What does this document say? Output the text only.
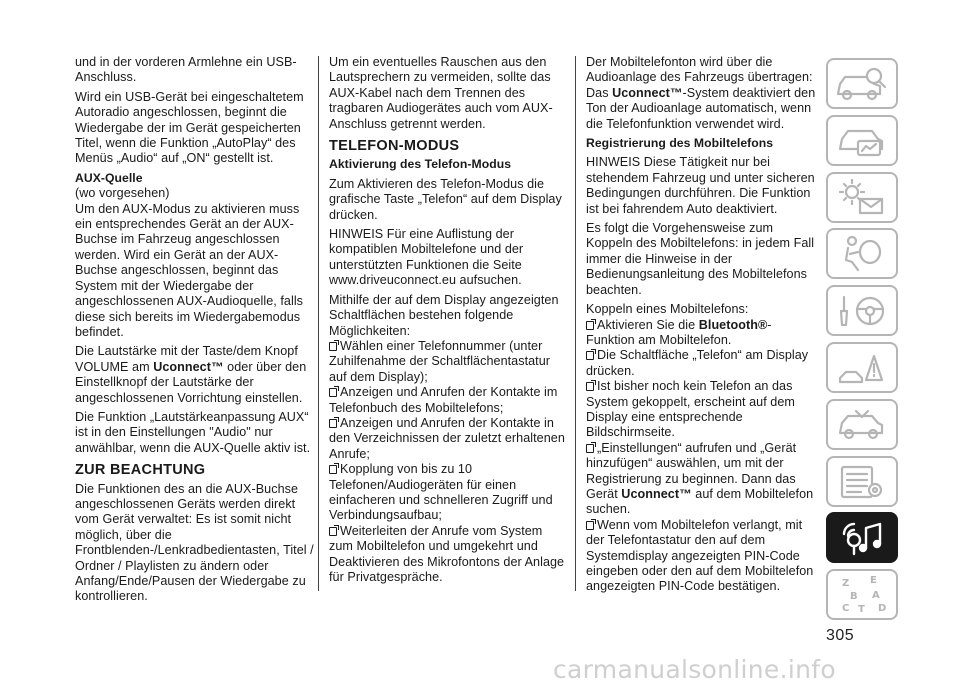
und in der vorderen Armlehne ein USB-Anschluss.

Wird ein USB-Gerät bei eingeschaltetem Autoradio angeschlossen, beginnt die Wiedergabe der im Gerät gespeicherten Titel, wenn die Funktion „AutoPlay“ des Menüs „Audio“ auf „ON“ gestellt ist.

AUX-Quelle

(wo vorgesehen)

Um den AUX-Modus zu aktivieren muss ein entsprechendes Gerät an der AUX-Buchse im Fahrzeug angeschlossen werden. Wird ein Gerät an der AUX-Buchse angeschlossen, beginnt das System mit der Wiedergabe der angeschlossenen AUX-Audioquelle, falls diese sich bereits im Wiedergabemodus befindet.

Die Lautstärke mit der Taste/dem Knopf VOLUME am Uconnect™ oder über den Einstellknopf der Lautstärke der angeschlossenen Vorrichtung einstellen.

Die Funktion „Lautstärkeanpassung AUX“ ist in den Einstellungen "Audio" nur anwählbar, wenn die AUX-Quelle aktiv ist.

ZUR BEACHTUNG

Die Funktionen des an die AUX-Buchse angeschlossenen Geräts werden direkt vom Gerät verwaltet: Es ist somit nicht möglich, über die Frontblenden-/Lenkradbedientasten, Titel / Ordner / Playlisten zu ändern oder Anfang/Ende/Pausen der Wiedergabe zu kontrollieren.

Um ein eventuelles Rauschen aus den Lautsprechern zu vermeiden, sollte das AUX-Kabel nach dem Trennen des tragbaren Audiogerätes auch vom AUX-Anschluss getrennt werden.

TELEFON-MODUS
Aktivierung des Telefon-Modus

Zum Aktivieren des Telefon-Modus die grafische Taste „Telefon“ auf dem Display drücken.

HINWEIS Für eine Auflistung der kompatiblen Mobiltelefone und der unterstützten Funktionen die Seite www.driveuconnect.eu aufsuchen.

Mithilfe der auf dem Display angezeigten Schaltflächen bestehen folgende Möglichkeiten:

Wählen einer Telefonnummer (unter Zuhilfenahme der Schaltflächentastatur auf dem Display);
Anzeigen und Anrufen der Kontakte im Telefonbuch des Mobiltelefons;
Anzeigen und Anrufen der Kontakte in den Verzeichnissen der zuletzt erhaltenen Anrufe;
Kopplung von bis zu 10 Telefonen/Audiogeräten für einen einfacheren und schnelleren Zugriff und Verbindungsaufbau;
Weiterleiten der Anrufe vom System zum Mobiltelefon und umgekehrt und Deaktivieren des Mikrofontons der Anlage für Privatgespräche.

Der Mobiltelefonton wird über die Audioanlage des Fahrzeugs übertragen: Das Uconnect™-System deaktiviert den Ton der Audioanlage automatisch, wenn die Telefonfunktion verwendet wird.

Registrierung des Mobiltelefons

HINWEIS Diese Tätigkeit nur bei stehendem Fahrzeug und unter sicheren Bedingungen durchführen. Die Funktion ist bei fahrendem Auto deaktiviert.

Es folgt die Vorgehensweise zum Koppeln des Mobiltelefons: in jedem Fall immer die Hinweise in der Bedienungsanleitung des Mobiltelefons beachten.

Koppeln eines Mobiltelefons:

Aktivieren Sie die Bluetooth®-Funktion am Mobiltelefon.
Die Schaltfläche „Telefon“ am Display drücken.
Ist bisher noch kein Telefon an das System gekoppelt, erscheint auf dem Display eine entsprechende Bildschirmseite.
„Einstellungen“ aufrufen und „Gerät hinzufügen“ auswählen, um mit der Registrierung zu beginnen. Dann das Gerät Uconnect™ auf dem Mobiltelefon suchen.
Wenn vom Mobiltelefon verlangt, mit der Telefontastatur den auf dem Systemdisplay angezeigten PIN-Code eingeben oder den auf dem Mobiltelefon angezeigten PIN-Code bestätigen.	Z E
B A
C T D
305
carmanualsonline.info
